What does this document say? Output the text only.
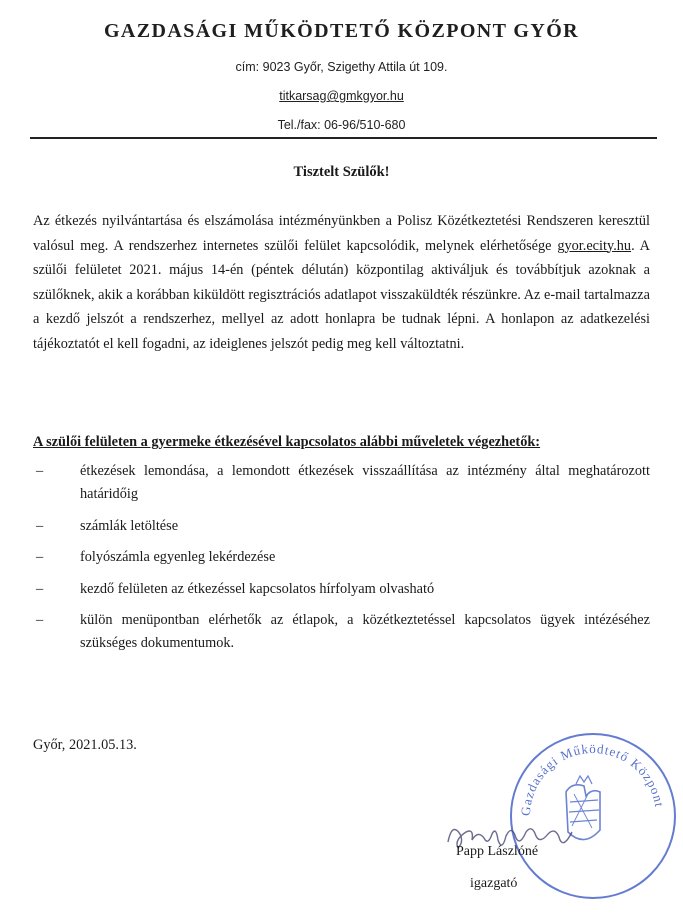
GAZDASÁGI MŰKÖDTETŐ KÖZPONT GYŐR
cím: 9023 Győr, Szigethy Attila út 109.
titkarsag@gmkgyor.hu
Tel./fax: 06-96/510-680
Tisztelt Szülők!
Az étkezés nyilvántartása és elszámolása intézményünkben a Polisz Közétkeztetési Rendszeren keresztül valósul meg. A rendszerhez internetes szülői felület kapcsolódik, melynek elérhetősége gyor.ecity.hu. A szülői felületet 2021. május 14-én (péntek délután) központilag aktiváljuk és továbbítjuk azoknak a szülőknek, akik a korábban kiküldött regisztrációs adatlapot visszaküldték részünkre. Az e-mail tartalmazza a kezdő jelszót a rendszerhez, mellyel az adott honlapra be tudnak lépni. A honlapon az adatkezelési tájékoztatót el kell fogadni, az ideiglenes jelszót pedig meg kell változtatni.
A szülői felületen a gyermeke étkezésével kapcsolatos alábbi műveletek végezhetők:
–	étkezések lemondása, a lemondott étkezések visszaállítása az intézmény által meghatározott határidőig
–	számlák letöltése
–	folyószámla egyenleg lekérdezése
–	kezdő felületen az étkezéssel kapcsolatos hírfolyam olvasható
–	külön menüpontban elérhetők az étlapok, a közétkeztetéssel kapcsolatos ügyek intézéséhez szükséges dokumentumok.
Győr, 2021.05.13.
Gazdasági Működtető Központ
Papp Lászlóné
igazgató
